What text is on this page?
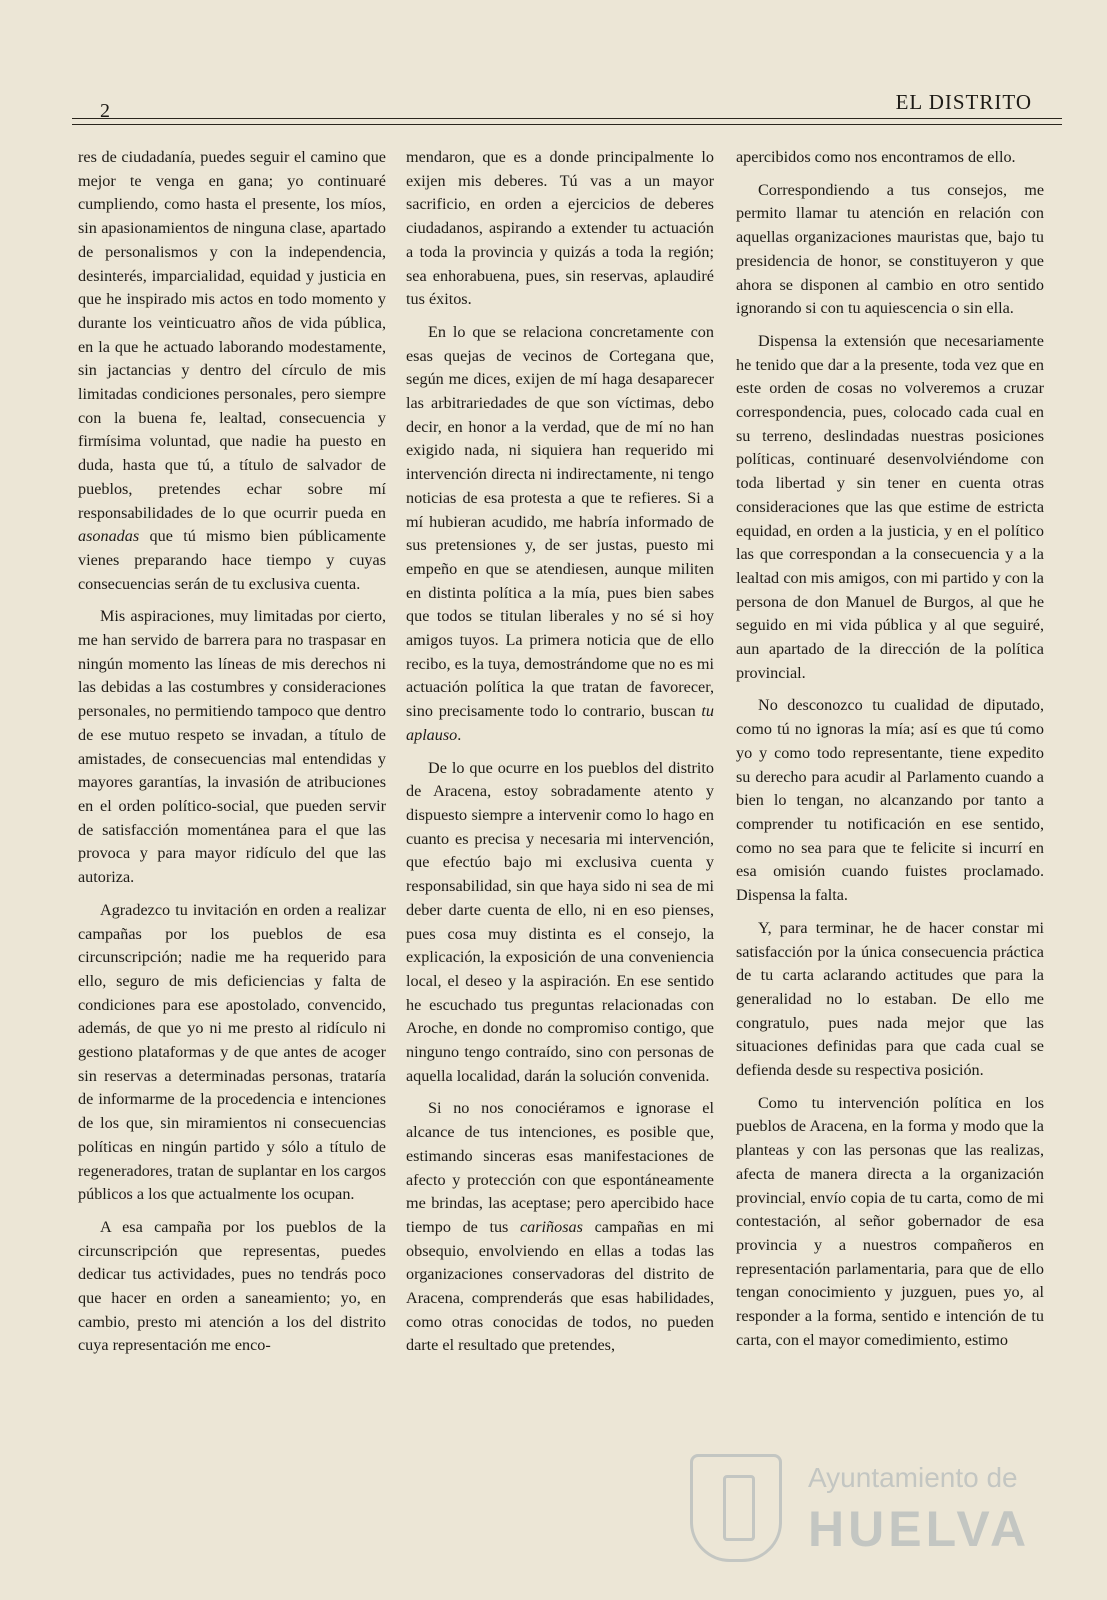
2	EL DISTRITO

res de ciudadanía, puedes seguir el camino que mejor te venga en gana; yo continuaré cumpliendo, como hasta el presente, los míos, sin apasionamientos de ninguna clase, apartado de personalismos y con la independencia, desinterés, imparcialidad, equidad y justicia en que he inspirado mis actos en todo momento y durante los veinticuatro años de vida pública, en la que he actuado laborando modestamente, sin jactancias y dentro del círculo de mis limitadas condiciones personales, pero siempre con la buena fe, lealtad, consecuencia y firmísima voluntad, que nadie ha puesto en duda, hasta que tú, a título de salvador de pueblos, pretendes echar sobre mí responsabilidades de lo que ocurrir pueda en asonadas que tú mismo bien públicamente vienes preparando hace tiempo y cuyas consecuencias serán de tu exclusiva cuenta.

Mis aspiraciones, muy limitadas por cierto, me han servido de barrera para no traspasar en ningún momento las líneas de mis derechos ni las debidas a las costumbres y consideraciones personales, no permitiendo tampoco que dentro de ese mutuo respeto se invadan, a título de amistades, de consecuencias mal entendidas y mayores garantías, la invasión de atribuciones en el orden político-social, que pueden servir de satisfacción momentánea para el que las provoca y para mayor ridículo del que las autoriza.

Agradezco tu invitación en orden a realizar campañas por los pueblos de esa circunscripción; nadie me ha requerido para ello, seguro de mis deficiencias y falta de condiciones para ese apostolado, convencido, además, de que yo ni me presto al ridículo ni gestiono plataformas y de que antes de acoger sin reservas a determinadas personas, trataría de informarme de la procedencia e intenciones de los que, sin miramientos ni consecuencias políticas en ningún partido y sólo a título de regeneradores, tratan de suplantar en los cargos públicos a los que actualmente los ocupan.

A esa campaña por los pueblos de la circunscripción que representas, puedes dedicar tus actividades, pues no tendrás poco que hacer en orden a saneamiento; yo, en cambio, presto mi atención a los del distrito cuya representación me enco-

mendaron, que es a donde principalmente lo exijen mis deberes. Tú vas a un mayor sacrificio, en orden a ejercicios de deberes ciudadanos, aspirando a extender tu actuación a toda la provincia y quizás a toda la región; sea enhorabuena, pues, sin reservas, aplaudiré tus éxitos.

En lo que se relaciona concretamente con esas quejas de vecinos de Cortegana que, según me dices, exijen de mí haga desaparecer las arbitrariedades de que son víctimas, debo decir, en honor a la verdad, que de mí no han exigido nada, ni siquiera han requerido mi intervención directa ni indirectamente, ni tengo noticias de esa protesta a que te refieres. Si a mí hubieran acudido, me habría informado de sus pretensiones y, de ser justas, puesto mi empeño en que se atendiesen, aunque militen en distinta política a la mía, pues bien sabes que todos se titulan liberales y no sé si hoy amigos tuyos. La primera noticia que de ello recibo, es la tuya, demostrándome que no es mi actuación política la que tratan de favorecer, sino precisamente todo lo contrario, buscan tu aplauso.

De lo que ocurre en los pueblos del distrito de Aracena, estoy sobradamente atento y dispuesto siempre a intervenir como lo hago en cuanto es precisa y necesaria mi intervención, que efectúo bajo mi exclusiva cuenta y responsabilidad, sin que haya sido ni sea de mi deber darte cuenta de ello, ni en eso pienses, pues cosa muy distinta es el consejo, la explicación, la exposición de una conveniencia local, el deseo y la aspiración. En ese sentido he escuchado tus preguntas relacionadas con Aroche, en donde no compromiso contigo, que ninguno tengo contraído, sino con personas de aquella localidad, darán la solución convenida.

Si no nos conociéramos e ignorase el alcance de tus intenciones, es posible que, estimando sinceras esas manifestaciones de afecto y protección con que espontáneamente me brindas, las aceptase; pero apercibido hace tiempo de tus cariñosas campañas en mi obsequio, envolviendo en ellas a todas las organizaciones conservadoras del distrito de Aracena, comprenderás que esas habilidades, como otras conocidas de todos, no pueden darte el resultado que pretendes,

apercibidos como nos encontramos de ello.

Correspondiendo a tus consejos, me permito llamar tu atención en relación con aquellas organizaciones mauristas que, bajo tu presidencia de honor, se constituyeron y que ahora se disponen al cambio en otro sentido ignorando si con tu aquiescencia o sin ella.

Dispensa la extensión que necesariamente he tenido que dar a la presente, toda vez que en este orden de cosas no volveremos a cruzar correspondencia, pues, colocado cada cual en su terreno, deslindadas nuestras posiciones políticas, continuaré desenvolviéndome con toda libertad y sin tener en cuenta otras consideraciones que las que estime de estricta equidad, en orden a la justicia, y en el político las que correspondan a la consecuencia y a la lealtad con mis amigos, con mi partido y con la persona de don Manuel de Burgos, al que he seguido en mi vida pública y al que seguiré, aun apartado de la dirección de la política provincial.

No desconozco tu cualidad de diputado, como tú no ignoras la mía; así es que tú como yo y como todo representante, tiene expedito su derecho para acudir al Parlamento cuando a bien lo tengan, no alcanzando por tanto a comprender tu notificación en ese sentido, como no sea para que te felicite si incurrí en esa omisión cuando fuistes proclamado. Dispensa la falta.

Y, para terminar, he de hacer constar mi satisfacción por la única consecuencia práctica de tu carta aclarando actitudes que para la generalidad no lo estaban. De ello me congratulo, pues nada mejor que las situaciones definidas para que cada cual se defienda desde su respectiva posición.

Como tu intervención política en los pueblos de Aracena, en la forma y modo que la planteas y con las personas que las realizas, afecta de manera directa a la organización provincial, envío copia de tu carta, como de mi contestación, al señor gobernador de esa provincia y a nuestros compañeros en representación parlamentaria, para que de ello tengan conocimiento y juzguen, pues yo, al responder a la forma, sentido e intención de tu carta, con el mayor comedimiento, estimo

Ayuntamiento de
HUELVA
